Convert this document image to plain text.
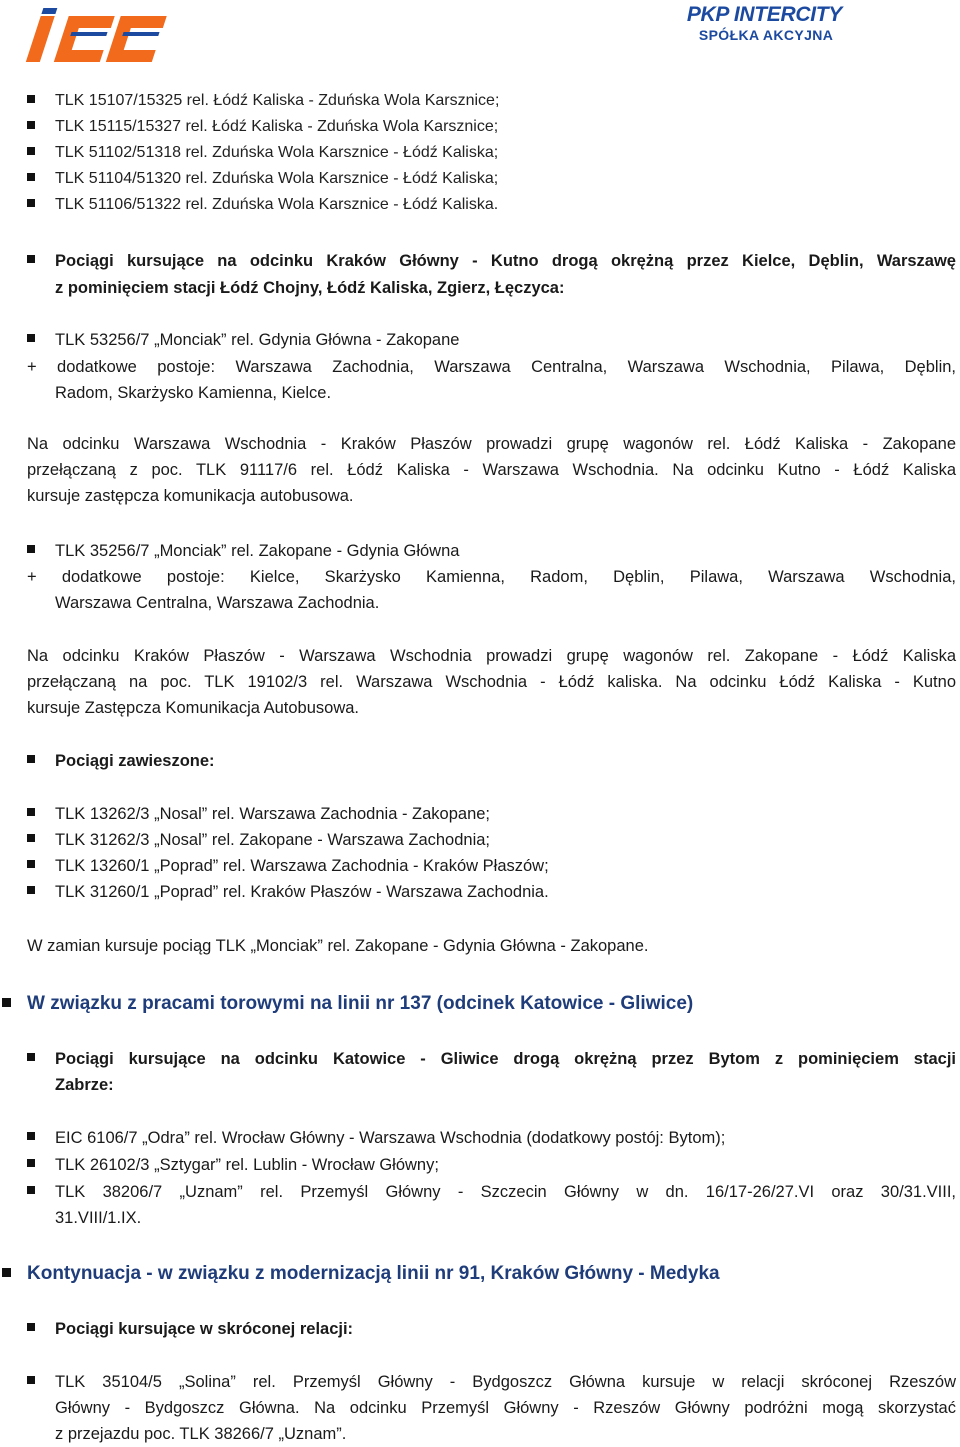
PKP INTERCITY
SPÓŁKA AKCYJNA
TLK 15107/15325 rel. Łódź Kaliska - Zduńska Wola Karsznice;
TLK 15115/15327 rel. Łódź Kaliska - Zduńska Wola Karsznice;
TLK 51102/51318 rel. Zduńska Wola Karsznice - Łódź Kaliska;
TLK 51104/51320 rel. Zduńska Wola Karsznice - Łódź Kaliska;
TLK 51106/51322 rel. Zduńska Wola Karsznice - Łódź Kaliska.
Pociągi kursujące na odcinku Kraków Główny - Kutno drogą okrężną przez Kielce, Dęblin, Warszawę
z pominięciem stacji Łódź Chojny, Łódź Kaliska, Zgierz, Łęczyca:
TLK 53256/7 „Monciak” rel. Gdynia Główna - Zakopane
+ dodatkowe postoje: Warszawa Zachodnia, Warszawa Centralna, Warszawa Wschodnia, Pilawa, Dęblin,
Radom, Skarżysko Kamienna, Kielce.
Na odcinku Warszawa Wschodnia - Kraków Płaszów prowadzi grupę wagonów rel. Łódź Kaliska - Zakopane
przełączaną z poc. TLK 91117/6 rel. Łódź Kaliska - Warszawa Wschodnia. Na odcinku Kutno - Łódź Kaliska
kursuje zastępcza komunikacja autobusowa.
TLK 35256/7 „Monciak” rel. Zakopane - Gdynia Główna
+ dodatkowe postoje: Kielce, Skarżysko Kamienna, Radom, Dęblin, Pilawa, Warszawa Wschodnia,
Warszawa Centralna, Warszawa Zachodnia.
Na odcinku Kraków Płaszów - Warszawa Wschodnia prowadzi grupę wagonów rel. Zakopane - Łódź Kaliska
przełączaną na poc. TLK 19102/3 rel. Warszawa Wschodnia - Łódź kaliska. Na odcinku Łódź Kaliska - Kutno
kursuje Zastępcza Komunikacja Autobusowa.
Pociągi zawieszone:
TLK 13262/3 „Nosal” rel. Warszawa Zachodnia - Zakopane;
TLK 31262/3 „Nosal” rel. Zakopane - Warszawa Zachodnia;
TLK 13260/1 „Poprad” rel. Warszawa Zachodnia - Kraków Płaszów;
TLK 31260/1 „Poprad” rel. Kraków Płaszów - Warszawa Zachodnia.
W zamian kursuje pociąg TLK „Monciak” rel. Zakopane - Gdynia Główna - Zakopane.
W związku z pracami torowymi na linii nr 137 (odcinek Katowice - Gliwice)
Pociągi kursujące na odcinku Katowice - Gliwice drogą okrężną przez Bytom z pominięciem stacji
Zabrze:
EIC 6106/7 „Odra” rel. Wrocław Główny - Warszawa Wschodnia (dodatkowy postój: Bytom);
TLK 26102/3 „Sztygar” rel. Lublin - Wrocław Główny;
TLK 38206/7 „Uznam” rel. Przemyśl Główny - Szczecin Główny w dn. 16/17-26/27.VI oraz 30/31.VIII,
31.VIII/1.IX.
Kontynuacja - w związku z modernizacją linii nr 91, Kraków Główny - Medyka
Pociągi kursujące w skróconej relacji:
TLK 35104/5 „Solina” rel. Przemyśl Główny - Bydgoszcz Główna kursuje w relacji skróconej Rzeszów
Główny - Bydgoszcz Główna. Na odcinku Przemyśl Główny - Rzeszów Główny podróżni mogą skorzystać
z przejazdu poc. TLK 38266/7 „Uznam”.
